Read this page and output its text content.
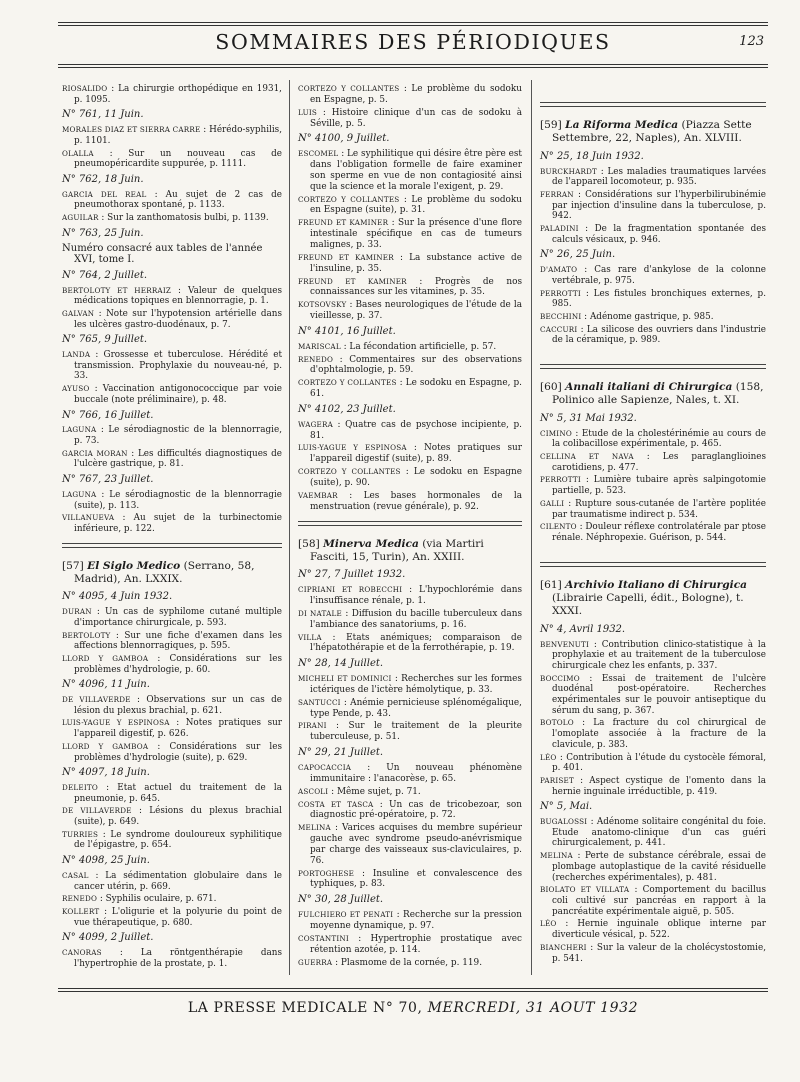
SOMMAIRES DES PÉRIODIQUES	123

RIOSALIDO : La chirurgie orthopédique en 1931, p. 1095.

N° 761, 11 Juin.

MORALES DIAZ ET SIERRA CARRE : Hérédo-syphilis, p. 1101.

OLALLA : Sur un nouveau cas de pneumopéricardite suppurée, p. 1111.

N° 762, 18 Juin.

GARCIA DEL REAL : Au sujet de 2 cas de pneumothorax spontané, p. 1133.

AGUILAR : Sur la zanthomatosis bulbi, p. 1139.

N° 763, 25 Juin.
Numéro consacré aux tables de l'année XVI, tome I.
N° 764, 2 Juillet.

BERTOLOTY ET HERRAIZ : Valeur de quelques médications topiques en blennorragie, p. 1.

GALVAN : Note sur l'hypotension artérielle dans les ulcères gastro-duodénaux, p. 7.

N° 765, 9 Juillet.

LANDA : Grossesse et tuberculose. Hérédité et transmission. Prophylaxie du nouveau-né, p. 33.

AYUSO : Vaccination antigonococcique par voie buccale (note préliminaire), p. 48.

N° 766, 16 Juillet.

LAGUNA : Le sérodiagnostic de la blennorragie, p. 73.

GARCIA MORAN : Les difficultés diagnostiques de l'ulcère gastrique, p. 81.

N° 767, 23 Juillet.

LAGUNA : Le sérodiagnostic de la blennorragie (suite), p. 113.

VILLANUEVA : Au sujet de la turbinectomie inférieure, p. 122.

[57] El Siglo Medico (Serrano, 58, Madrid), An. LXXIX.
N° 4095, 4 Juin 1932.

DURAN : Un cas de syphilome cutané multiple d'importance chirurgicale, p. 593.

BERTOLOTY : Sur une fiche d'examen dans les affections blennorragiques, p. 595.

LLORD Y GAMBOA : Considérations sur les problèmes d'hydrologie, p. 60.

N° 4096, 11 Juin.

DE VILLAVERDE : Observations sur un cas de lésion du plexus brachial, p. 621.

LUIS-YAGUE Y ESPINOSA : Notes pratiques sur l'appareil digestif, p. 626.

LLORD Y GAMBOA : Considérations sur les problèmes d'hydrologie (suite), p. 629.

N° 4097, 18 Juin.

DELEITO : Etat actuel du traitement de la pneumonie, p. 645.

DE VILLAVERDE : Lésions du plexus brachial (suite), p. 649.

TURRIES : Le syndrome douloureux syphilitique de l'épigastre, p. 654.

N° 4098, 25 Juin.

CASAL : La sédimentation globulaire dans le cancer utérin, p. 669.

RENEDO : Syphilis oculaire, p. 671.

KOLLERT : L'oligurie et la polyurie du point de vue thérapeutique, p. 680.

N° 4099, 2 Juillet.

CANORAS : La röntgenthérapie dans l'hypertrophie de la prostate, p. 1.

CORTEZO Y COLLANTES : Le problème du sodoku en Espagne, p. 5.

LUIS : Histoire clinique d'un cas de sodoku à Séville, p. 5.

N° 4100, 9 Juillet.

ESCOMEL : Le syphilitique qui désire être père est dans l'obligation formelle de faire examiner son sperme en vue de non contagiosité ainsi que la science et la morale l'exigent, p. 29.

CORTEZO Y COLLANTES : Le problème du sodoku en Espagne (suite), p. 31.

FREUND ET KAMINER : Sur la présence d'une flore intestinale spécifique en cas de tumeurs malignes, p. 33.

FREUND ET KAMINER : La substance active de l'insuline, p. 35.

FREUND ET KAMINER : Progrès de nos connaissances sur les vitamines, p. 35.

KOTSOVSKY : Bases neurologiques de l'étude de la vieillesse, p. 37.

N° 4101, 16 Juillet.

MARISCAL : La fécondation artificielle, p. 57.

RENEDO : Commentaires sur des observations d'ophtalmologie, p. 59.

CORTEZO Y COLLANTES : Le sodoku en Espagne, p. 61.

N° 4102, 23 Juillet.

WAGERA : Quatre cas de psychose incipiente, p. 81.

LUIS-YAGUE Y ESPINOSA : Notes pratiques sur l'appareil digestif (suite), p. 89.

CORTEZO Y COLLANTES : Le sodoku en Espagne (suite), p. 90.

VAEMBAR : Les bases hormonales de la menstruation (revue générale), p. 92.

[58] Minerva Medica (via Martiri Fasciti, 15, Turin), An. XXIII.
N° 27, 7 Juillet 1932.

CIPRIANI ET ROBECCHI : L'hypochlorémie dans l'insuffisance rénale, p. 1.

DI NATALE : Diffusion du bacille tuberculeux dans l'ambiance des sanatoriums, p. 16.

VILLA : Etats anémiques; comparaison de l'hépatothérapie et de la ferrothérapie, p. 19.

N° 28, 14 Juillet.

MICHELI ET DOMINICI : Recherches sur les formes ictériques de l'ictère hémolytique, p. 33.

SANTUCCI : Anémie pernicieuse splénomégalique, type Pende, p. 43.

PIRANI : Sur le traitement de la pleurite tuberculeuse, p. 51.

N° 29, 21 Juillet.

CAPOCACCIA : Un nouveau phénomène immunitaire : l'anacorèse, p. 65.

ASCOLI : Même sujet, p. 71.

COSTA ET TASCA : Un cas de tricobezoar, son diagnostic pré-opératoire, p. 72.

MELINA : Varices acquises du membre supérieur gauche avec syndrome pseudo-anévrismique par charge des vaisseaux sus-claviculaires, p. 76.

PORTOGHESE : Insuline et convalescence des typhiques, p. 83.

N° 30, 28 Juillet.

FULCHIERO ET PENATI : Recherche sur la pression moyenne dynamique, p. 97.

COSTANTINI : Hypertrophie prostatique avec rétention azotée, p. 114.

GUERRA : Plasmome de la cornée, p. 119.

[59] La Riforma Medica (Piazza Sette Settembre, 22, Naples), An. XLVIII.
N° 25, 18 Juin 1932.

BURCKHARDT : Les maladies traumatiques larvées de l'appareil locomoteur, p. 935.

FERRAN : Considérations sur l'hyperbilirubinémie par injection d'insuline dans la tuberculose, p. 942.

PALADINI : De la fragmentation spontanée des calculs vésicaux, p. 946.

N° 26, 25 Juin.

D'AMATO : Cas rare d'ankylose de la colonne vertébrale, p. 975.

PERROTTI : Les fistules bronchiques externes, p. 985.

BECCHINI : Adénome gastrique, p. 985.

CACCURI : La silicose des ouvriers dans l'industrie de la céramique, p. 989.

[60] Annali italiani di Chirurgica (158, Polinico alle Sapienze, Nales, t. XI.
N° 5, 31 Mai 1932.

CIMINO : Etude de la cholestérinémie au cours de la colibacillose expérimentale, p. 465.

CELLINA ET NAVA : Les paraglanglioines carotidiens, p. 477.

PERROTTI : Lumière tubaire après salpingotomie partielle, p. 523.

GALLI : Rupture sous-cutanée de l'artère poplitée par traumatisme indirect p. 534.

CILENTO : Douleur réflexe controlatérale par ptose rénale. Néphropexie. Guérison, p. 544.

[61] Archivio Italiano di Chirurgica (Librairie Capelli, édit., Bologne), t. XXXI.
N° 4, Avril 1932.

BENVENUTI : Contribution clinico-statistique à la prophylaxie et au traitement de la tuberculose chirurgicale chez les enfants, p. 337.

BOCCIMO : Essai de traitement de l'ulcère duodénal post-opératoire. Recherches expérimentales sur le pouvoir antiseptique du sérum du sang, p. 367.

BOTOLO : La fracture du col chirurgical de l'omoplate associée à la fracture de la clavicule, p. 383.

LÉO : Contribution à l'étude du cystocèle fémoral, p. 401.

PARISET : Aspect cystique de l'omento dans la hernie inguinale irréductible, p. 419.

N° 5, Mai.

BUGALOSSI : Adénome solitaire congénital du foie. Etude anatomo-clinique d'un cas guéri chirurgicalement, p. 441.

MELINA : Perte de substance cérébrale, essai de plombage autoplastique de la cavité résiduelle (recherches expérimentales), p. 481.

BIOLATO ET VILLATA : Comportement du bacillus coli cultivé sur pancréas en rapport à la pancréatite expérimentale aiguë, p. 505.

LÉO : Hernie inguinale oblique interne par diverticule vésical, p. 522.

BIANCHERI : Sur la valeur de la cholécystostomie, p. 541.

LA PRESSE MEDICALE N° 70, MERCREDI, 31 AOUT 1932
